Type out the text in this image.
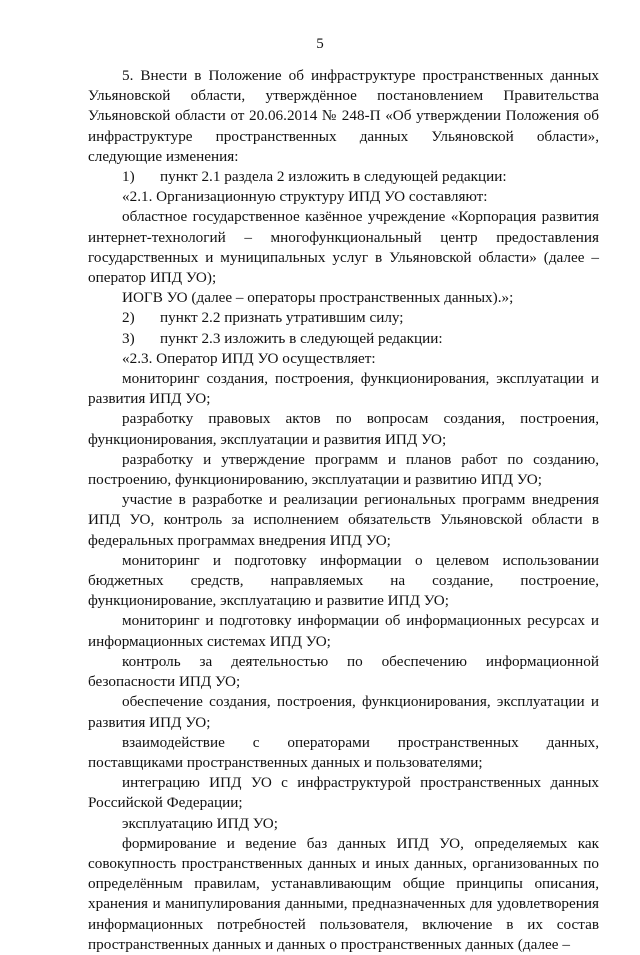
5
5. Внести в Положение об инфраструктуре пространственных данных Ульяновской области, утверждённое постановлением Правительства Ульяновской области от 20.06.2014 № 248-П «Об утверждении Положения об инфраструктуре пространственных данных Ульяновской области», следующие изменения:
1) пункт 2.1 раздела 2 изложить в следующей редакции:
«2.1. Организационную структуру ИПД УО составляют:
областное государственное казённое учреждение «Корпорация развития интернет-технологий – многофункциональный центр предоставления государственных и муниципальных услуг в Ульяновской области» (далее – оператор ИПД УО);
ИОГВ УО (далее – операторы пространственных данных).»;
2) пункт 2.2 признать утратившим силу;
3) пункт 2.3 изложить в следующей редакции:
«2.3. Оператор ИПД УО осуществляет:
мониторинг создания, построения, функционирования, эксплуатации и развития ИПД УО;
разработку правовых актов по вопросам создания, построения, функционирования, эксплуатации и развития ИПД УО;
разработку и утверждение программ и планов работ по созданию, построению, функционированию, эксплуатации и развитию ИПД УО;
участие в разработке и реализации региональных программ внедрения ИПД УО, контроль за исполнением обязательств Ульяновской области в федеральных программах внедрения ИПД УО;
мониторинг и подготовку информации о целевом использовании бюджетных средств, направляемых на создание, построение, функционирование, эксплуатацию и развитие ИПД УО;
мониторинг и подготовку информации об информационных ресурсах и информационных системах ИПД УО;
контроль за деятельностью по обеспечению информационной безопасности ИПД УО;
обеспечение создания, построения, функционирования, эксплуатации и развития ИПД УО;
взаимодействие с операторами пространственных данных, поставщиками пространственных данных и пользователями;
интеграцию ИПД УО с инфраструктурой пространственных данных Российской Федерации;
эксплуатацию ИПД УО;
формирование и ведение баз данных ИПД УО, определяемых как совокупность пространственных данных и иных данных, организованных по определённым правилам, устанавливающим общие принципы описания, хранения и манипулирования данными, предназначенных для удовлетворения информационных потребностей пользователя, включение в их состав пространственных данных и данных о пространственных данных (далее –
